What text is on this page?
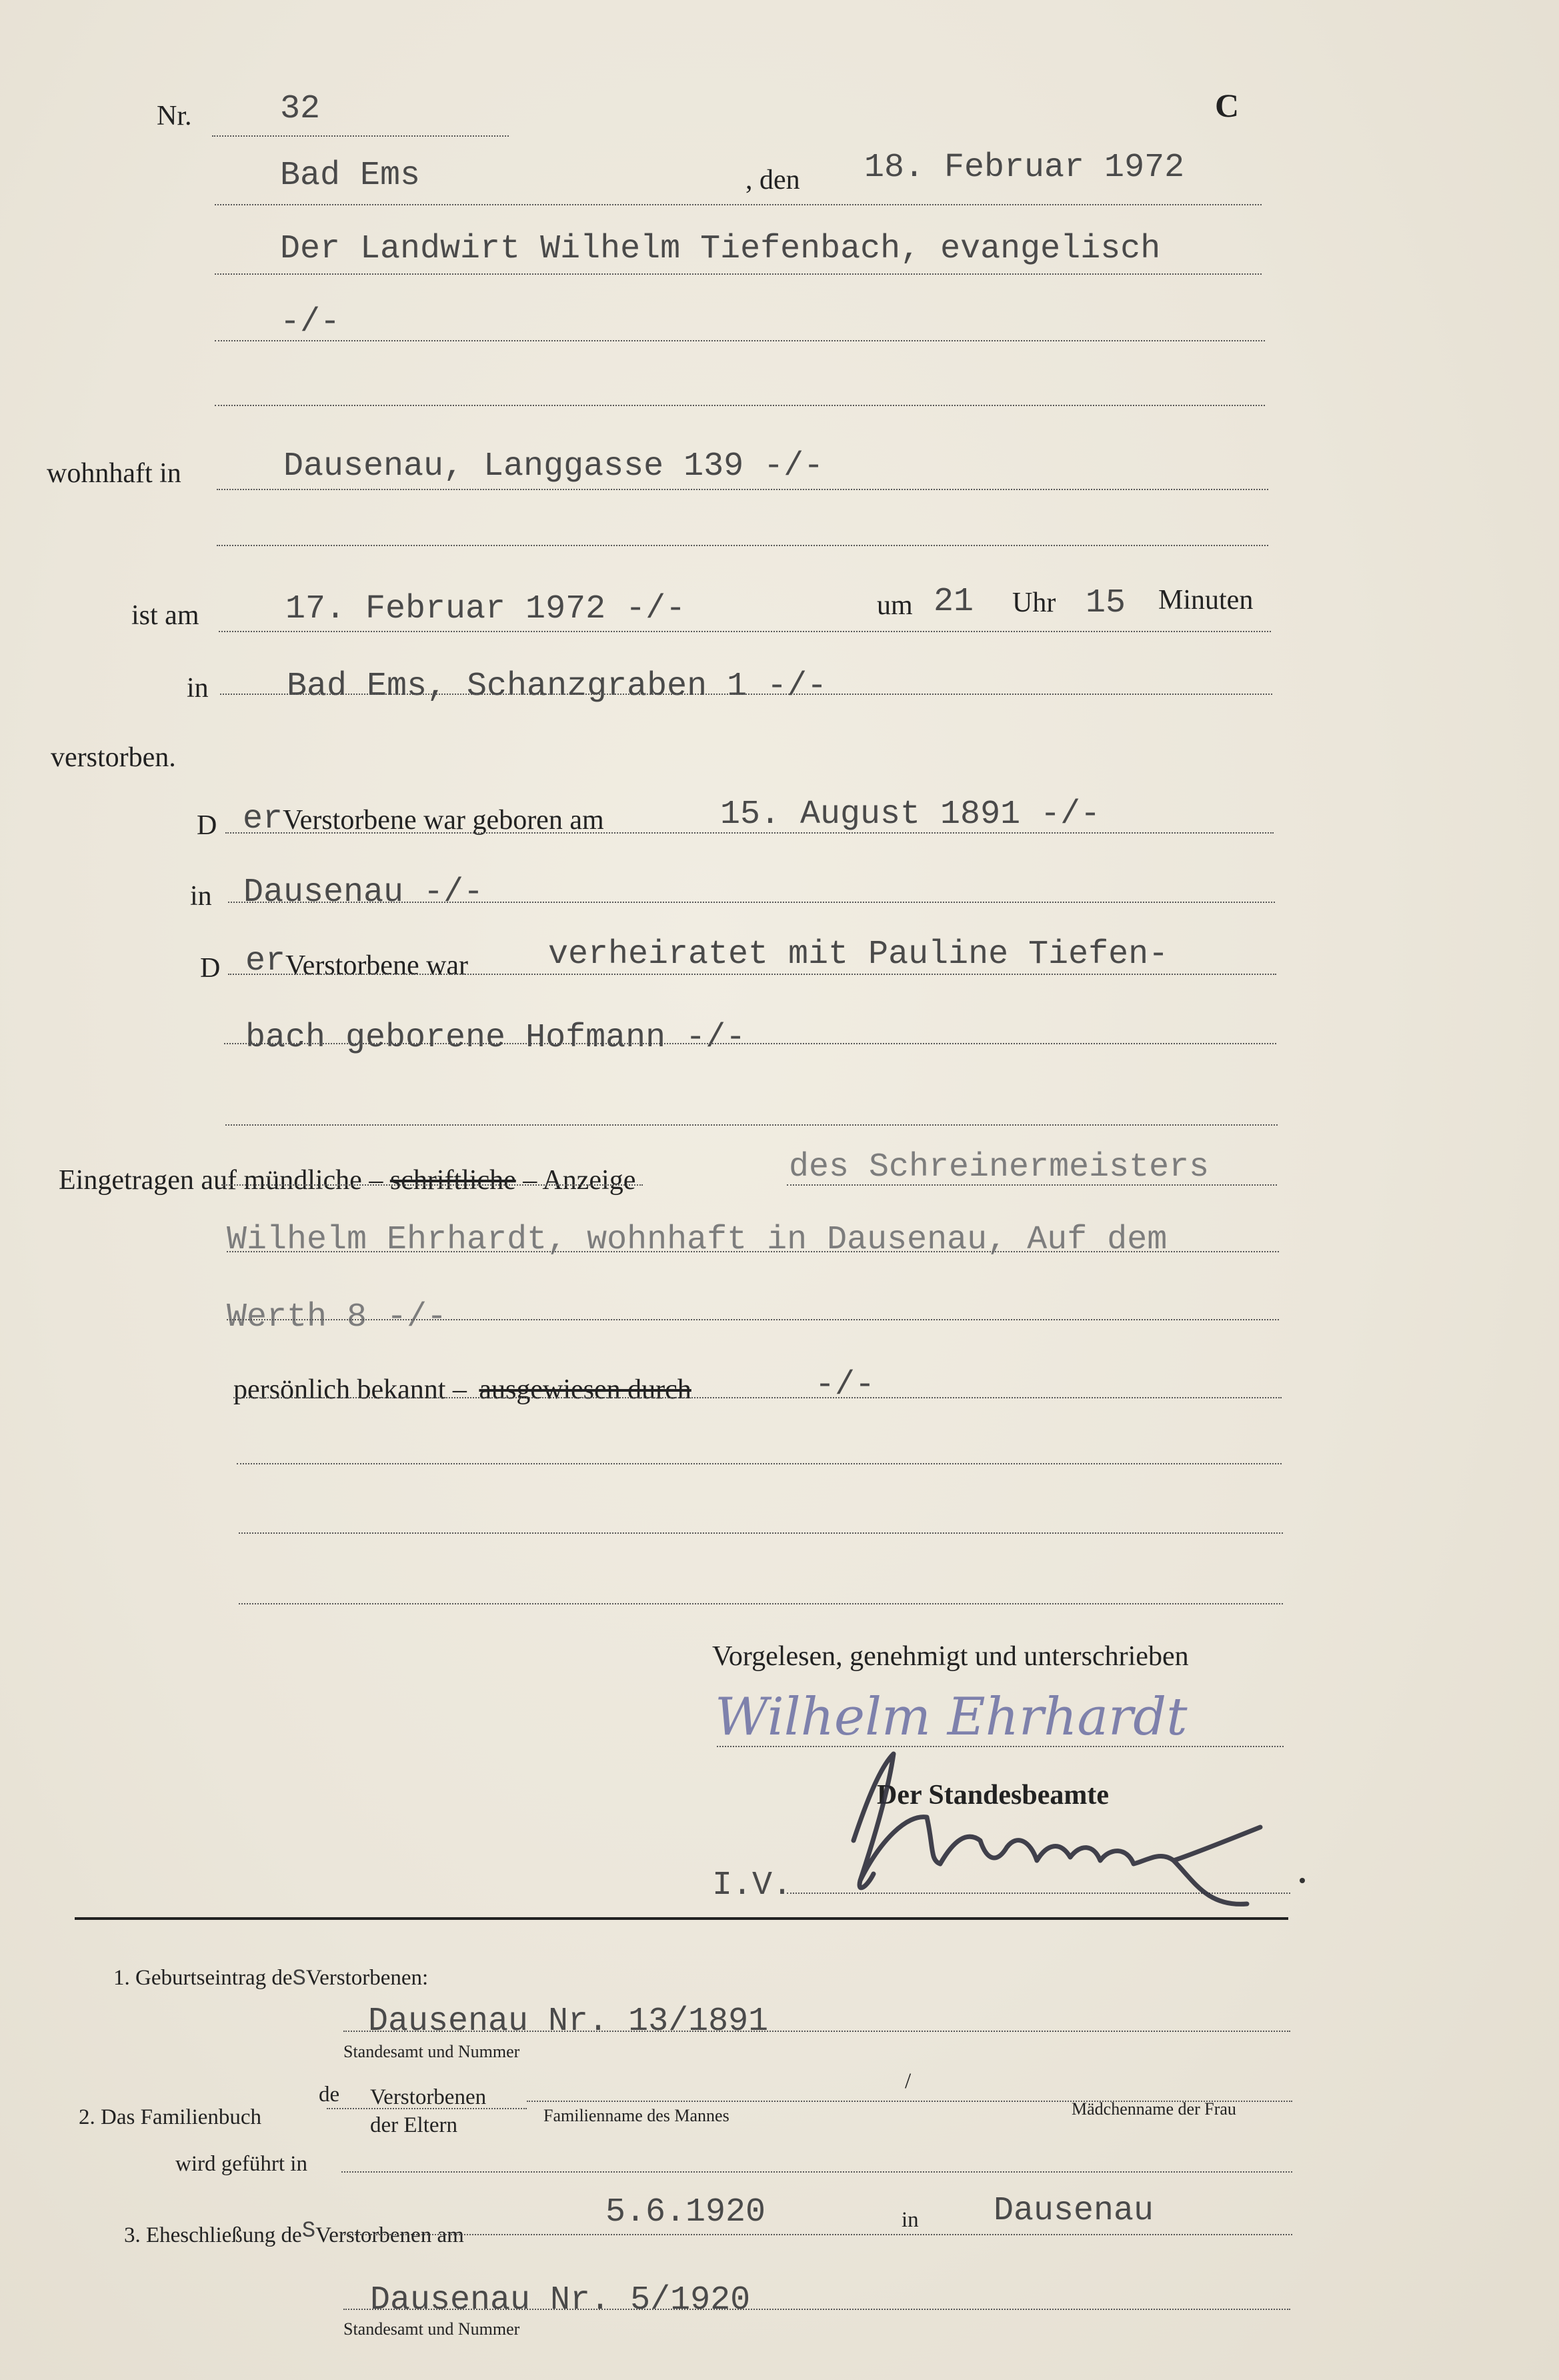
Nr.	32	C
Bad Ems	, den 18. Februar 1972
Der Landwirt Wilhelm Tiefenbach, evangelisch
-/-
wohnhaft in	Dausenau, Langgasse 139 -/-
ist am	17. Februar 1972 -/-	um 21 Uhr 15 Minuten
in Bad Ems, Schanzgraben 1 -/-
verstorben.
D er Verstorbene war geboren am	15. August 1891 -/-
in Dausenau -/-
D er Verstorbene war verheiratet mit Pauline Tiefen-
bach geborene Hofmann -/-
Eingetragen auf mündliche – schriftliche – Anzeige	des Schreinermeisters
Wilhelm Ehrhardt, wohnhaft in Dausenau, Auf dem
Werth 8 -/-
persönlich bekannt – ausgewiesen durch	-/-
Vorgelesen, genehmigt und unterschrieben
Wilhelm Ehrhardt
Der Standesbeamte
I.V.
1. Geburtseintrag deSVerstorbenen:
Dausenau Nr. 13/1891
Standesamt und Nummer
2. Das Familienbuch
de Verstorbenen
der Eltern
/
Familienname des Mannes	Mädchenname der Frau
wird geführt in
3. Eheschließung deSVerstorbenen am
5.6.1920	in Dausenau
Dausenau Nr. 5/1920
Standesamt und Nummer
